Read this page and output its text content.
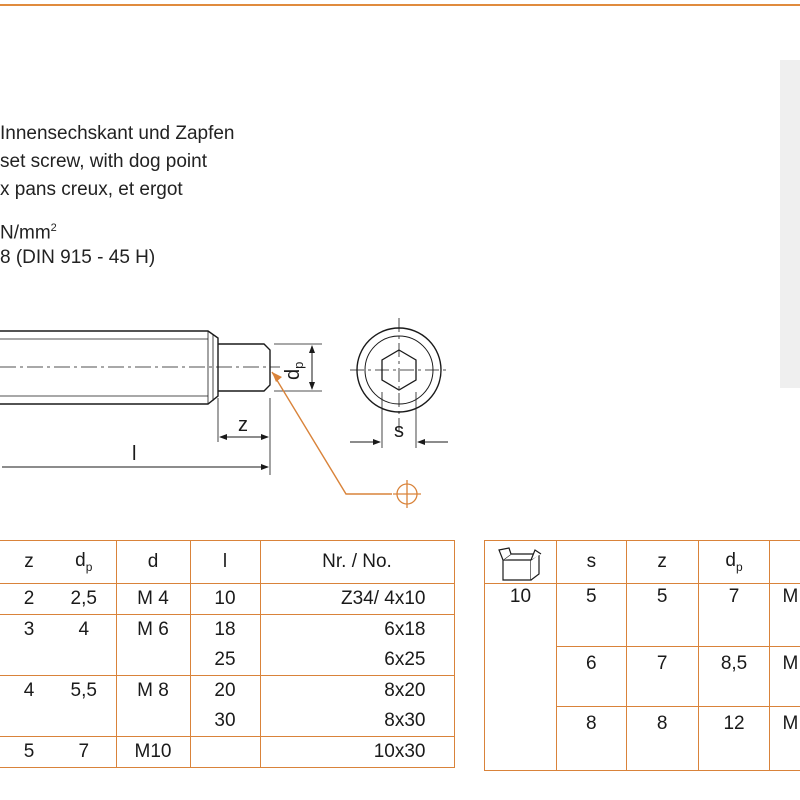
Innensechskant und Zapfen
set screw, with dog point
x pans creux, et ergot
$N/mm^2$
8 (DIN 915 - 45 H)
$d_p$
z
l
s
z	$d_p$	d	l	Nr. / No.
2	2,5	M 4	10	Z34/ 4x10
3	4	M 6	18	6x18
			25	6x25
4	5,5	M 8	20	8x20
			30	8x30
5	7	M10		10x30
	s	z	$d_p$	
10	5	5	7	M
	6	7	8,5	M
	8	8	12	M
